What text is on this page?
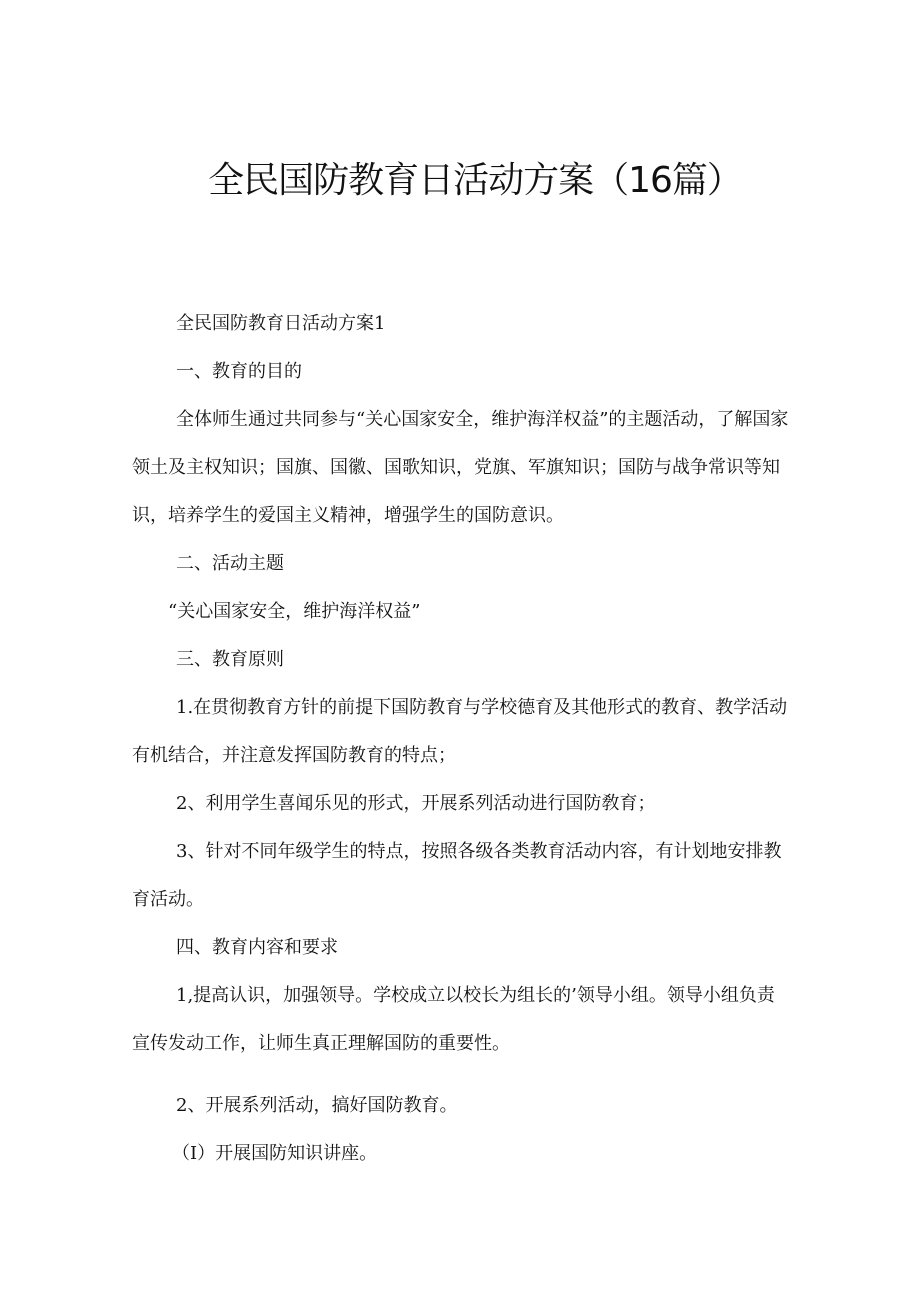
全民国防教育日活动方案（16篇）

全民国防教育日活动方案1

一、教育的目的

全体师生通过共同参与“关心国家安全，维护海洋权益”的主题活动，了解国家领土及主权知识；国旗、国徽、国歌知识，党旗、军旗知识；国防与战争常识等知识，培养学生的爱国主义精神，增强学生的国防意识。

二、活动主题

“关心国家安全，维护海洋权益”

三、教育原则

1.在贯彻教育方针的前提下国防教育与学校德育及其他形式的教育、教学活动有机结合，并注意发挥国防教育的特点；

2、利用学生喜闻乐见的形式，开展系列活动进行国防敎育；

3、针对不同年级学生的特点，按照各级各类教育活动内容，有计划地安排教育活动。

四、教育内容和要求

1,提高认识，加强领导。学校成立以校长为组长的’领导小组。领导小组负责宣传发动工作，让师生真正理解国防的重要性。

2、开展系列活动，搞好国防教育。

（I）开展国防知识讲座。
